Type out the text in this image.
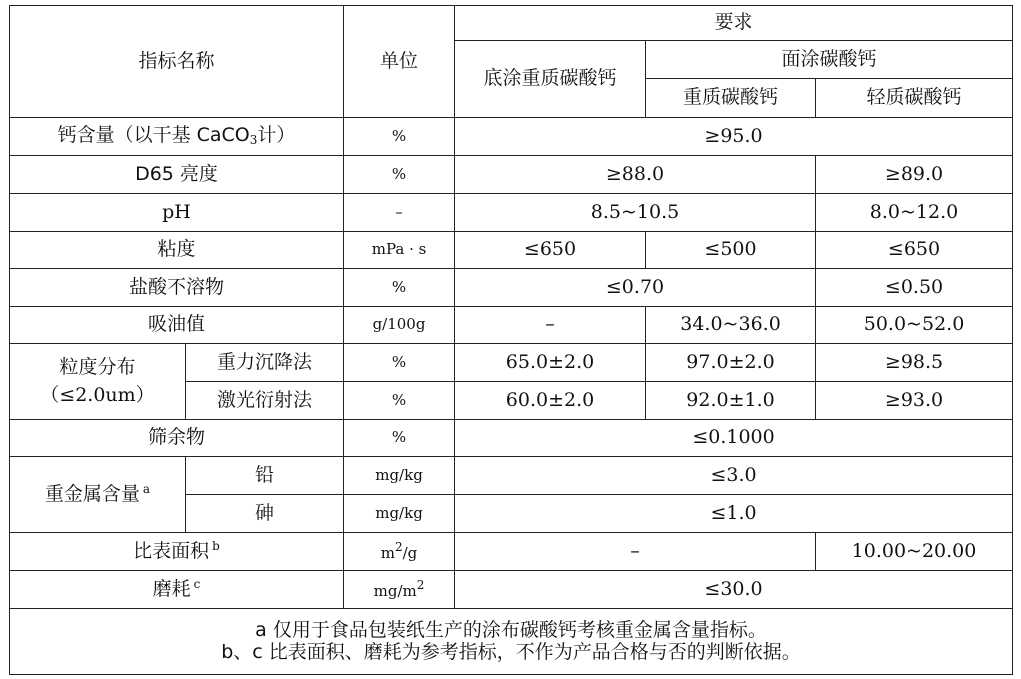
指标名称		单位	要求		
			底涂重质碳酸钙	面涂碳酸钙	
				重质碳酸钙	轻质碳酸钙
钙含量（以干基 CaCO$_3$计）		%	≥95.0		
D65 亮度		%	≥88.0		≥89.0
pH		–	8.5~10.5		8.0~12.0
粘度		mPa · s	≤650	≤500	≤650
盐酸不溶物		%	≤0.70		≤0.50
吸油值		g/100g	–	34.0~36.0	50.0~52.0

粒度分布
（≤2.0um）	重力沉降法	%	65.0±2.0	97.0±2.0	≥98.5
	激光衍射法	%	60.0±2.0	92.0±1.0	≥93.0
筛余物		%	≤0.1000		
重金属含量 $^a$	铅	mg/kg	≤3.0		
	砷	mg/kg	≤1.0		
比表面积 $^b$		$m^2/g$	–		10.00~20.00
磨耗 $^c$		$mg/m^2$	≤30.0		

a 仅用于食品包装纸生产的涂布碳酸钙考核重金属含量指标。
b、c 比表面积、磨耗为参考指标，不作为产品合格与否的判断依据。					
